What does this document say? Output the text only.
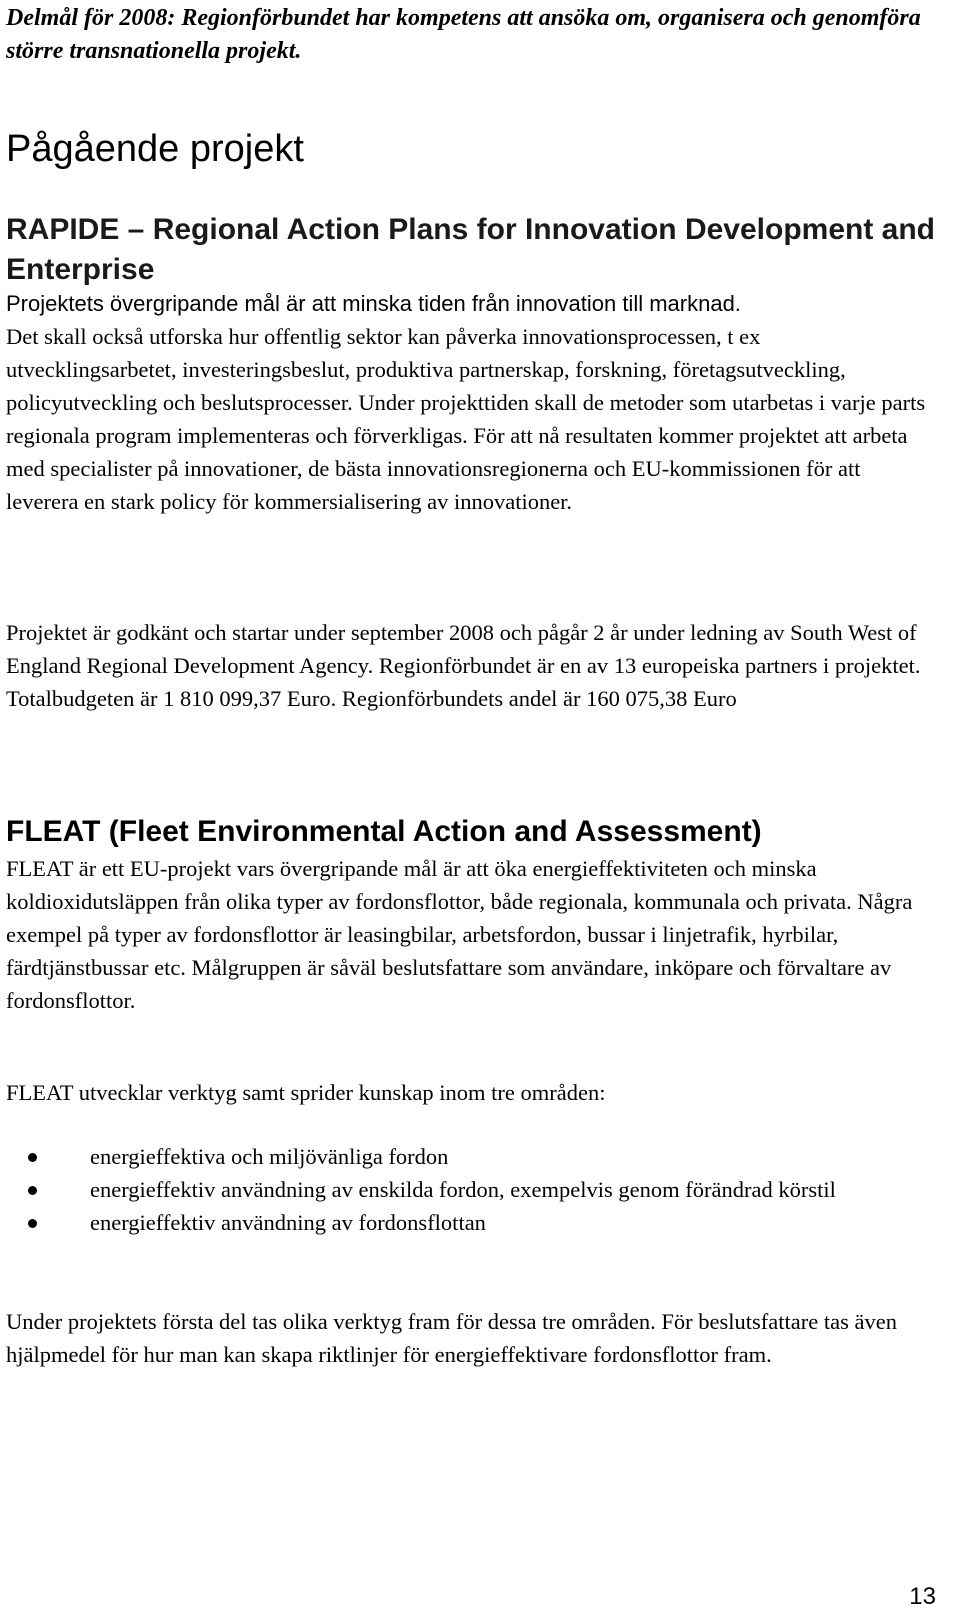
Delmål för 2008: Regionförbundet har kompetens att ansöka om, organisera och genomföra större transnationella projekt.

Pågående projekt
RAPIDE – Regional Action Plans for Innovation Development and Enterprise

Projektets övergripande mål är att minska tiden från innovation till marknad.

Det skall också utforska hur offentlig sektor kan påverka innovationsprocessen, t ex utvecklingsarbetet, investeringsbeslut, produktiva partnerskap, forskning, företagsutveckling, policyutveckling och beslutsprocesser. Under projekttiden skall de metoder som utarbetas i varje parts regionala program implementeras och förverkligas. För att nå resultaten kommer projektet att arbeta med specialister på innovationer, de bästa innovationsregionerna och EU-kommissionen för att leverera en stark policy för kommersialisering av innovationer.

Projektet är godkänt och startar under september 2008 och pågår 2 år under ledning av South West of England Regional Development Agency. Regionförbundet är en av 13 europeiska partners i projektet. Totalbudgeten är 1 810 099,37 Euro. Regionförbundets andel är 160 075,38 Euro

FLEAT (Fleet Environmental Action and Assessment)

FLEAT är ett EU-projekt vars övergripande mål är att öka energieffektiviteten och minska koldioxidutsläppen från olika typer av fordonsflottor, både regionala, kommunala och privata. Några exempel på typer av fordonsflottor är leasingbilar, arbetsfordon, bussar i linjetrafik, hyrbilar, färdtjänstbussar etc. Målgruppen är såväl beslutsfattare som användare, inköpare och förvaltare av fordonsflottor.

FLEAT utvecklar verktyg samt sprider kunskap inom tre områden:

energieffektiva och miljövänliga fordon
energieffektiv användning av enskilda fordon, exempelvis genom förändrad körstil
energieffektiv användning av fordonsflottan

Under projektets första del tas olika verktyg fram för dessa tre områden. För beslutsfattare tas även hjälpmedel för hur man kan skapa riktlinjer för energieffektivare fordonsflottor fram.

13
